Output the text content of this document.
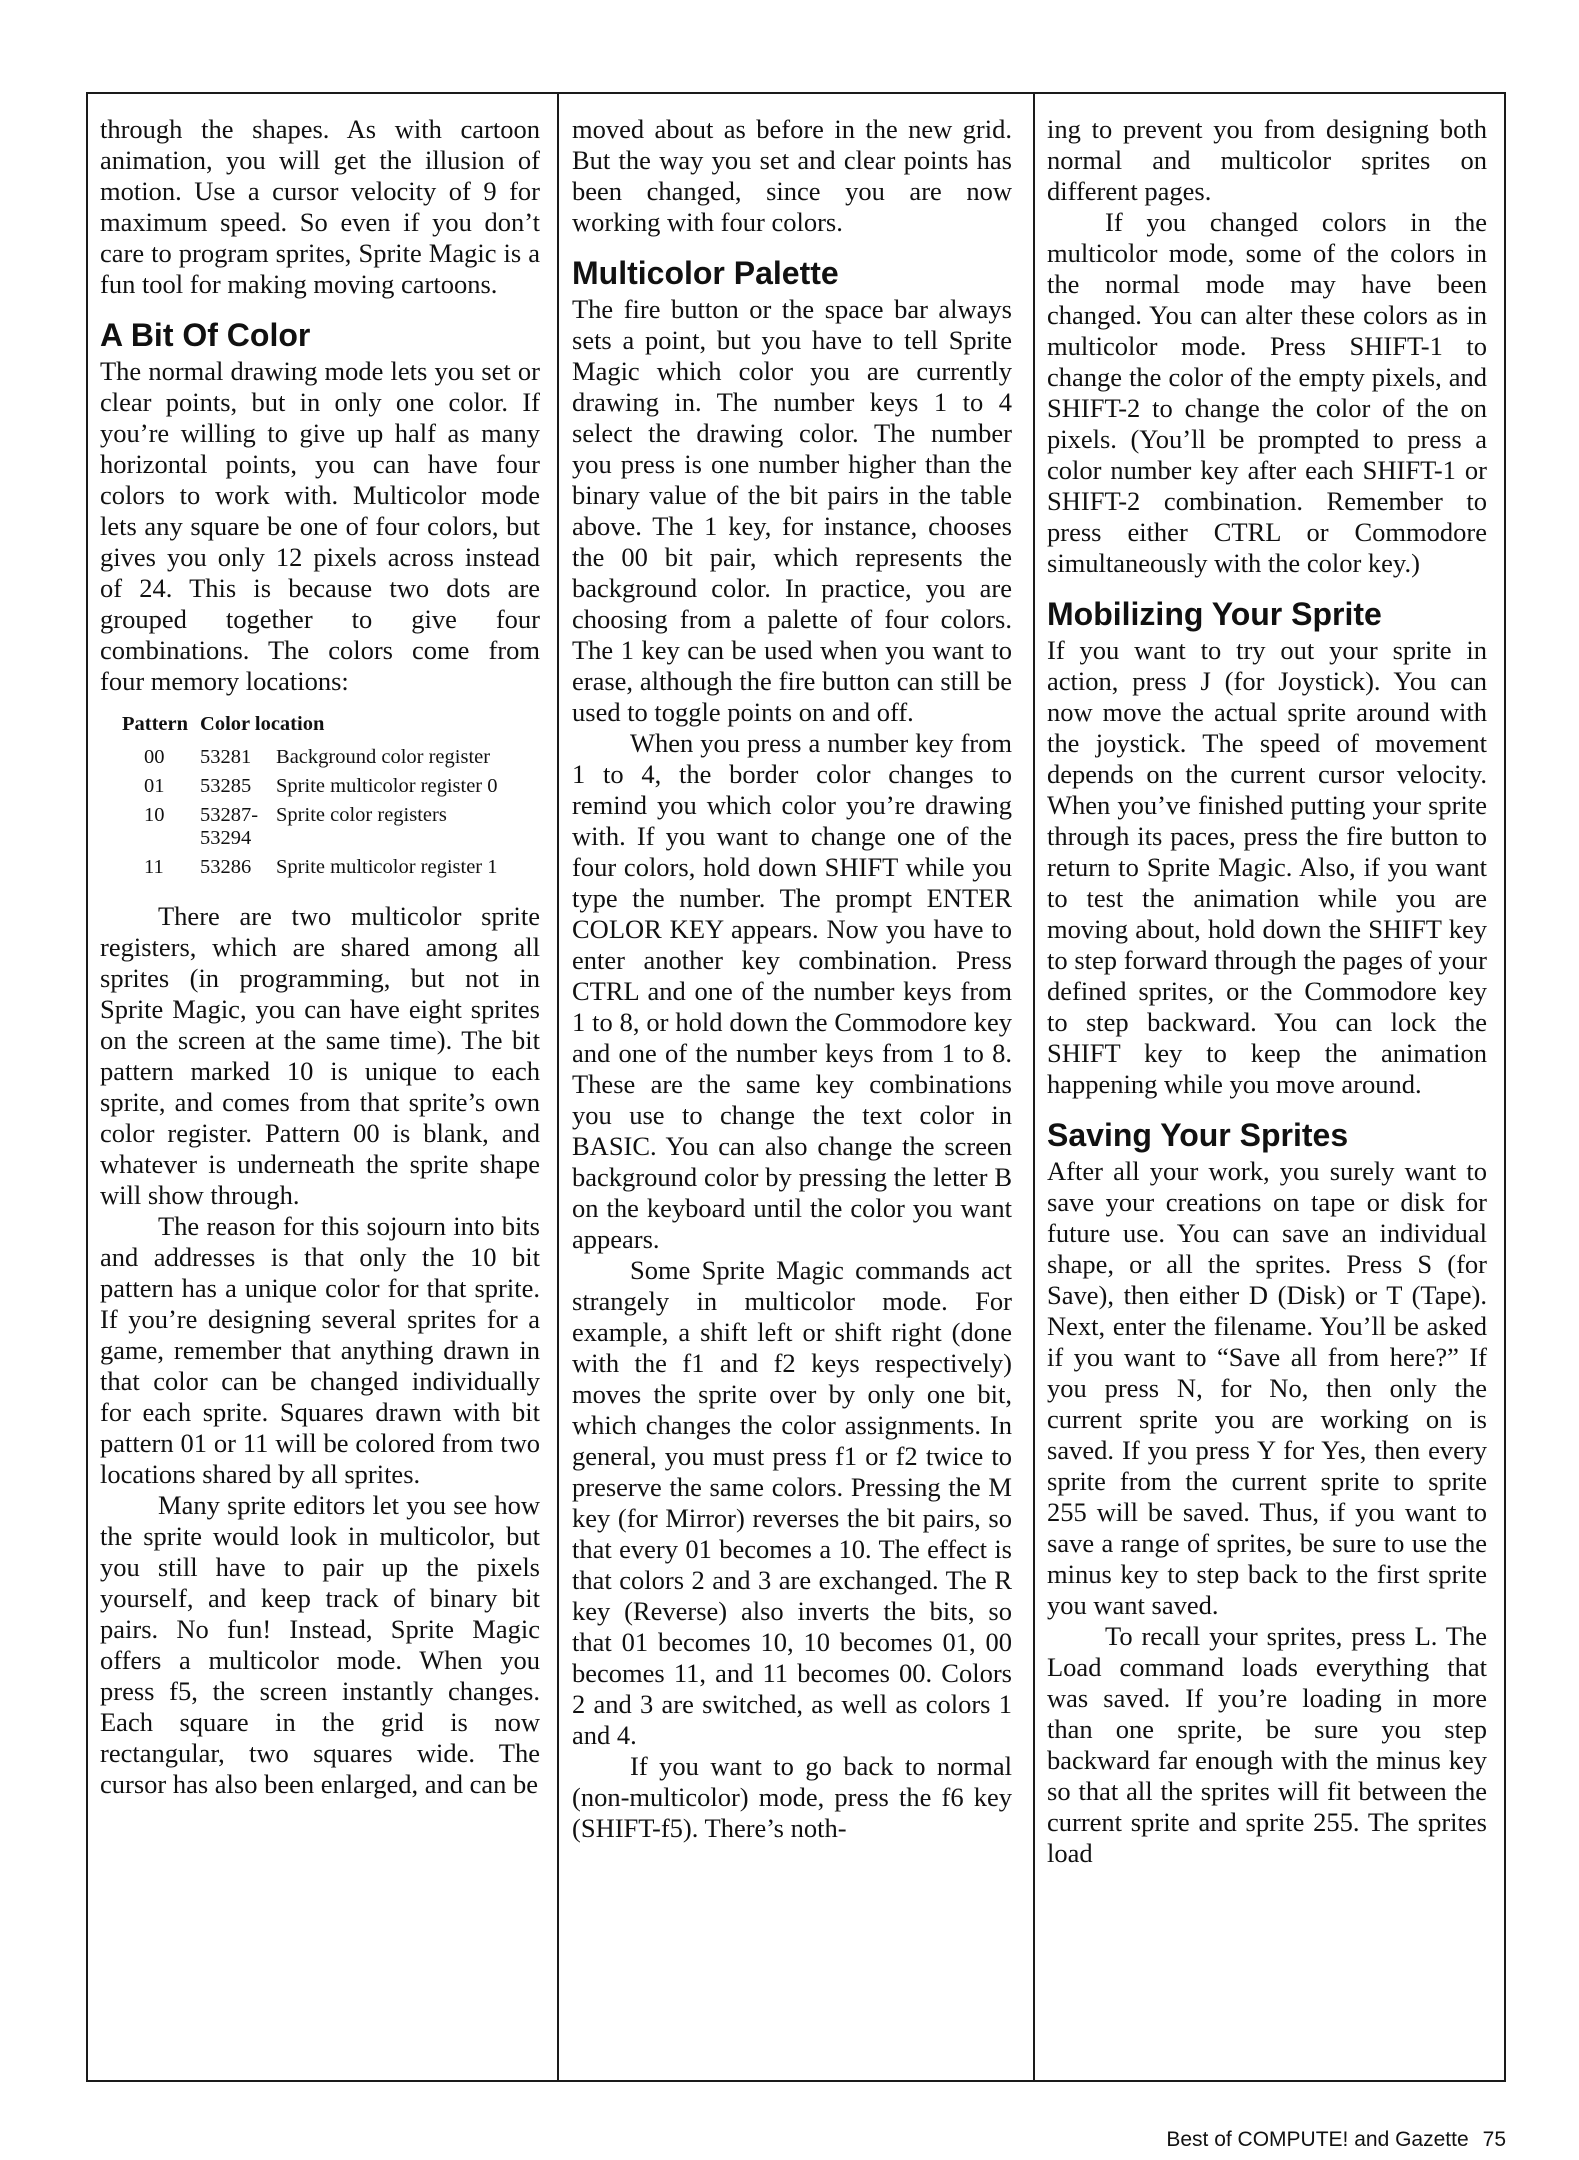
through the shapes. As with cartoon animation, you will get the illusion of motion. Use a cursor velocity of 9 for maximum speed. So even if you don’t care to program sprites, Sprite Magic is a fun tool for making moving cartoons.

A Bit Of Color

The normal drawing mode lets you set or clear points, but in only one color. If you’re willing to give up half as many horizontal points, you can have four colors to work with. Multicolor mode lets any square be one of four colors, but gives you only 12 pixels across instead of 24. This is because two dots are grouped together to give four combinations. The colors come from four memory locations:

Pattern	Color location	
00	53281	Background color register
01	53285	Sprite multicolor register 0
10	53287-53294	Sprite color registers
11	53286	Sprite multicolor register 1

There are two multicolor sprite registers, which are shared among all sprites (in programming, but not in Sprite Magic, you can have eight sprites on the screen at the same time). The bit pattern marked 10 is unique to each sprite, and comes from that sprite’s own color register. Pattern 00 is blank, and whatever is underneath the sprite shape will show through.

The reason for this sojourn into bits and addresses is that only the 10 bit pattern has a unique color for that sprite. If you’re designing several sprites for a game, remember that anything drawn in that color can be changed individually for each sprite. Squares drawn with bit pattern 01 or 11 will be colored from two locations shared by all sprites.

Many sprite editors let you see how the sprite would look in multicolor, but you still have to pair up the pixels yourself, and keep track of binary bit pairs. No fun! Instead, Sprite Magic offers a multicolor mode. When you press f5, the screen instantly changes. Each square in the grid is now rectangular, two squares wide. The cursor has also been enlarged, and can be

moved about as before in the new grid. But the way you set and clear points has been changed, since you are now working with four colors.

Multicolor Palette

The fire button or the space bar always sets a point, but you have to tell Sprite Magic which color you are currently drawing in. The number keys 1 to 4 select the drawing color. The number you press is one number higher than the binary value of the bit pairs in the table above. The 1 key, for instance, chooses the 00 bit pair, which represents the background color. In practice, you are choosing from a palette of four colors. The 1 key can be used when you want to erase, although the fire button can still be used to toggle points on and off.

When you press a number key from 1 to 4, the border color changes to remind you which color you’re drawing with. If you want to change one of the four colors, hold down SHIFT while you type the number. The prompt ENTER COLOR KEY appears. Now you have to enter another key combination. Press CTRL and one of the number keys from 1 to 8, or hold down the Commodore key and one of the number keys from 1 to 8. These are the same key combinations you use to change the text color in BASIC. You can also change the screen background color by pressing the letter B on the keyboard until the color you want appears.

Some Sprite Magic commands act strangely in multicolor mode. For example, a shift left or shift right (done with the f1 and f2 keys respectively) moves the sprite over by only one bit, which changes the color assignments. In general, you must press f1 or f2 twice to preserve the same colors. Pressing the M key (for Mirror) reverses the bit pairs, so that every 01 becomes a 10. The effect is that colors 2 and 3 are exchanged. The R key (Reverse) also inverts the bits, so that 01 becomes 10, 10 becomes 01, 00 becomes 11, and 11 becomes 00. Colors 2 and 3 are switched, as well as colors 1 and 4.

If you want to go back to normal (non-multicolor) mode, press the f6 key (SHIFT-f5). There’s noth-

ing to prevent you from designing both normal and multicolor sprites on different pages.

If you changed colors in the multicolor mode, some of the colors in the normal mode may have been changed. You can alter these colors as in multicolor mode. Press SHIFT-1 to change the color of the empty pixels, and SHIFT-2 to change the color of the on pixels. (You’ll be prompted to press a color number key after each SHIFT-1 or SHIFT-2 combination. Remember to press either CTRL or Commodore simultaneously with the color key.)

Mobilizing Your Sprite

If you want to try out your sprite in action, press J (for Joystick). You can now move the actual sprite around with the joystick. The speed of movement depends on the current cursor velocity. When you’ve finished putting your sprite through its paces, press the fire button to return to Sprite Magic. Also, if you want to test the animation while you are moving about, hold down the SHIFT key to step forward through the pages of your defined sprites, or the Commodore key to step backward. You can lock the SHIFT key to keep the animation happening while you move around.

Saving Your Sprites

After all your work, you surely want to save your creations on tape or disk for future use. You can save an individual shape, or all the sprites. Press S (for Save), then either D (Disk) or T (Tape). Next, enter the filename. You’ll be asked if you want to “Save all from here?” If you press N, for No, then only the current sprite you are working on is saved. If you press Y for Yes, then every sprite from the current sprite to sprite 255 will be saved. Thus, if you want to save a range of sprites, be sure to use the minus key to step back to the first sprite you want saved.

To recall your sprites, press L. The Load command loads everything that was saved. If you’re loading in more than one sprite, be sure you step backward far enough with the minus key so that all the sprites will fit between the current sprite and sprite 255. The sprites load

Best of COMPUTE! and Gazette 75
